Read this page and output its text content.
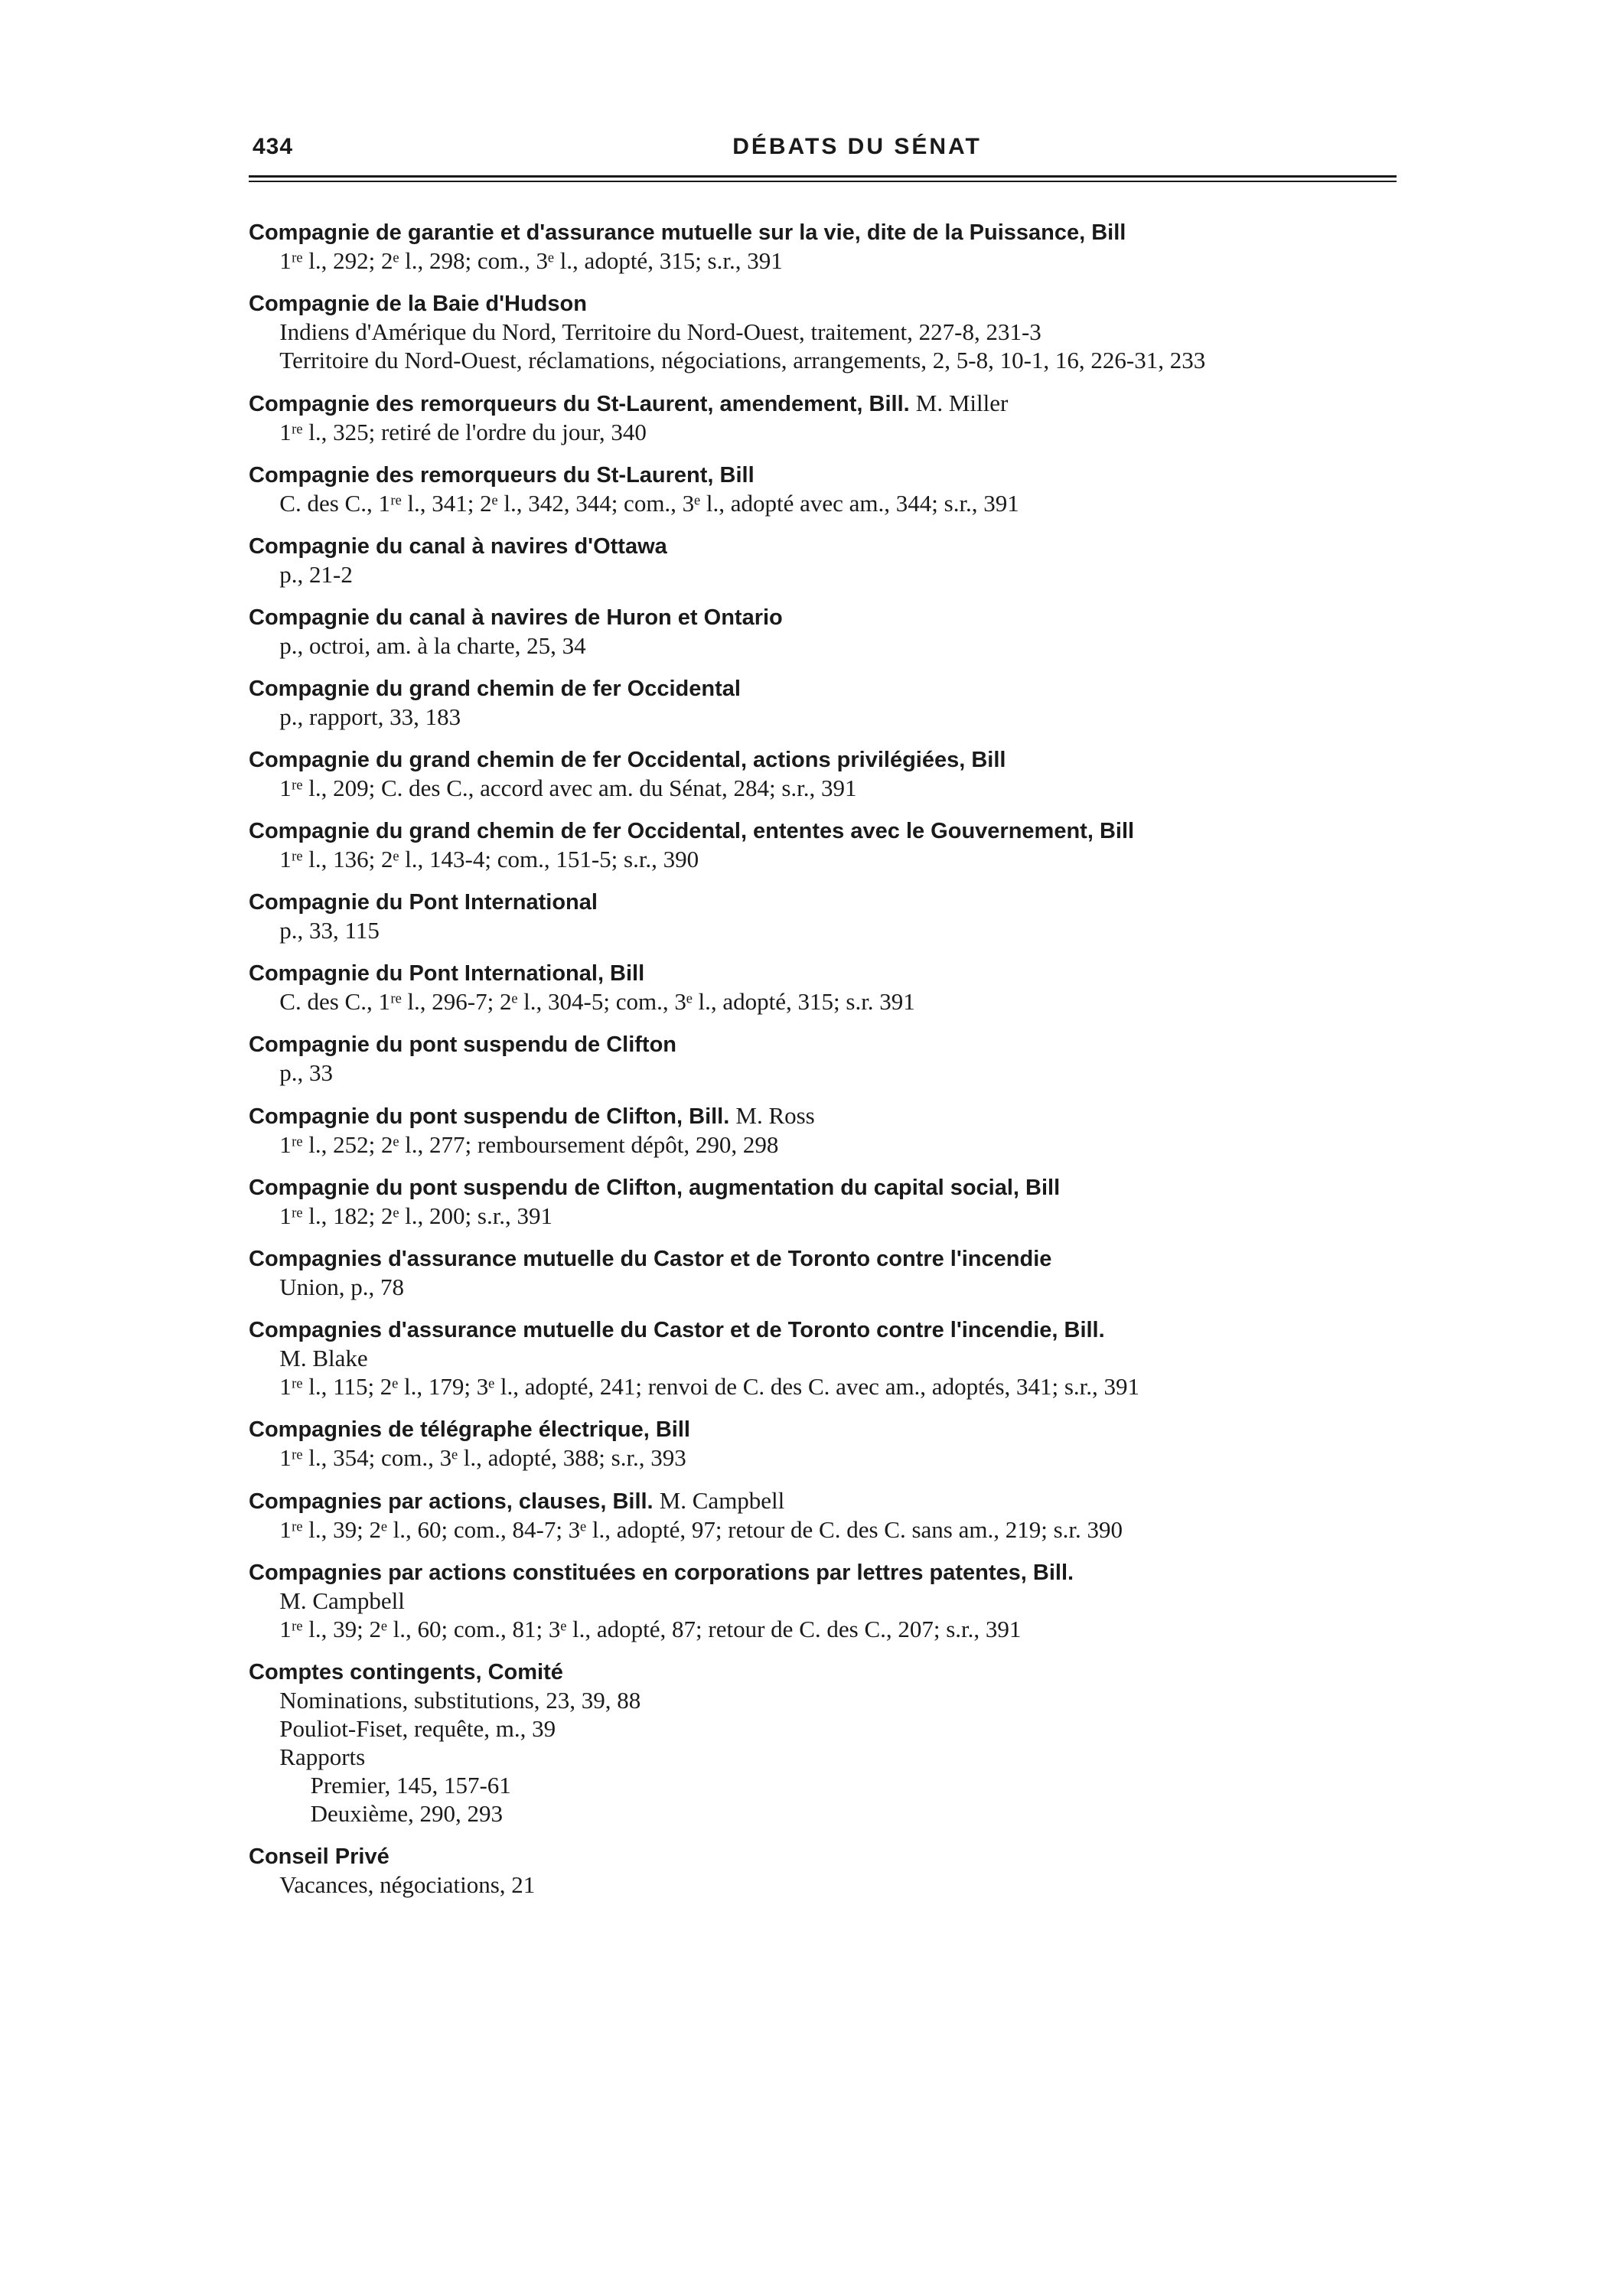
434	DÉBATS DU SÉNAT
Compagnie de garantie et d'assurance mutuelle sur la vie, dite de la Puissance, Bill
1ʳᵉ l., 292; 2ᵉ l., 298; com., 3ᵉ l., adopté, 315; s.r., 391
Compagnie de la Baie d'Hudson
Indiens d'Amérique du Nord, Territoire du Nord-Ouest, traitement, 227-8, 231-3
Territoire du Nord-Ouest, réclamations, négociations, arrangements, 2, 5-8, 10-1, 16, 226-31, 233
Compagnie des remorqueurs du St-Laurent, amendement, Bill. M. Miller
1ʳᵉ l., 325; retiré de l'ordre du jour, 340
Compagnie des remorqueurs du St-Laurent, Bill
C. des C., 1ʳᵉ l., 341; 2ᵉ l., 342, 344; com., 3ᵉ l., adopté avec am., 344; s.r., 391
Compagnie du canal à navires d'Ottawa
p., 21-2
Compagnie du canal à navires de Huron et Ontario
p., octroi, am. à la charte, 25, 34
Compagnie du grand chemin de fer Occidental
p., rapport, 33, 183
Compagnie du grand chemin de fer Occidental, actions privilégiées, Bill
1ʳᵉ l., 209; C. des C., accord avec am. du Sénat, 284; s.r., 391
Compagnie du grand chemin de fer Occidental, ententes avec le Gouvernement, Bill
1ʳᵉ l., 136; 2ᵉ l., 143-4; com., 151-5; s.r., 390
Compagnie du Pont International
p., 33, 115
Compagnie du Pont International, Bill
C. des C., 1ʳᵉ l., 296-7; 2ᵉ l., 304-5; com., 3ᵉ l., adopté, 315; s.r. 391
Compagnie du pont suspendu de Clifton
p., 33
Compagnie du pont suspendu de Clifton, Bill. M. Ross
1ʳᵉ l., 252; 2ᵉ l., 277; remboursement dépôt, 290, 298
Compagnie du pont suspendu de Clifton, augmentation du capital social, Bill
1ʳᵉ l., 182; 2ᵉ l., 200; s.r., 391
Compagnies d'assurance mutuelle du Castor et de Toronto contre l'incendie
Union, p., 78
Compagnies d'assurance mutuelle du Castor et de Toronto contre l'incendie, Bill.
M. Blake
1ʳᵉ l., 115; 2ᵉ l., 179; 3ᵉ l., adopté, 241; renvoi de C. des C. avec am., adoptés, 341; s.r., 391
Compagnies de télégraphe électrique, Bill
1ʳᵉ l., 354; com., 3ᵉ l., adopté, 388; s.r., 393
Compagnies par actions, clauses, Bill. M. Campbell
1ʳᵉ l., 39; 2ᵉ l., 60; com., 84-7; 3ᵉ l., adopté, 97; retour de C. des C. sans am., 219; s.r. 390
Compagnies par actions constituées en corporations par lettres patentes, Bill.
M. Campbell
1ʳᵉ l., 39; 2ᵉ l., 60; com., 81; 3ᵉ l., adopté, 87; retour de C. des C., 207; s.r., 391
Comptes contingents, Comité
Nominations, substitutions, 23, 39, 88
Pouliot-Fiset, requête, m., 39
Rapports
Premier, 145, 157-61
Deuxième, 290, 293
Conseil Privé
Vacances, négociations, 21
